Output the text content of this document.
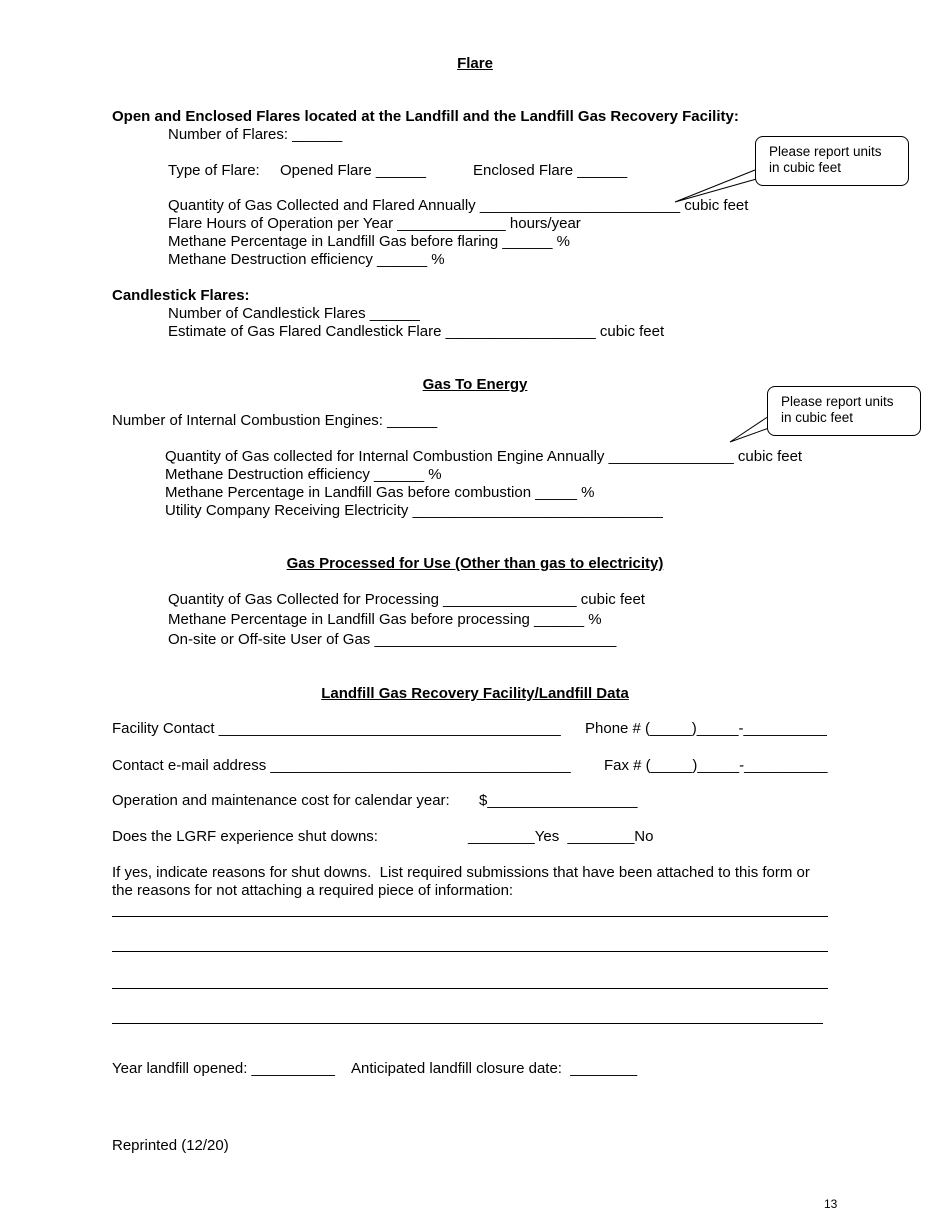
Flare
Open and Enclosed Flares located at the Landfill and the Landfill Gas Recovery Facility:
Number of Flares: ______
Type of Flare: Opened Flare ______	Enclosed Flare ______
Please report units
in cubic feet
Quantity of Gas Collected and Flared Annually ________________________ cubic feet
Flare Hours of Operation per Year _____________ hours/year
Methane Percentage in Landfill Gas before flaring ______ %
Methane Destruction efficiency ______ %
Candlestick Flares:
Number of Candlestick Flares ______
Estimate of Gas Flared Candlestick Flare __________________ cubic feet
Gas To Energy
Number of Internal Combustion Engines: ______
Please report units
in cubic feet
Quantity of Gas collected for Internal Combustion Engine Annually _______________ cubic feet
Methane Destruction efficiency ______ %
Methane Percentage in Landfill Gas before combustion _____ %
Utility Company Receiving Electricity ______________________________
Gas Processed for Use (Other than gas to electricity)
Quantity of Gas Collected for Processing ________________ cubic feet
Methane Percentage in Landfill Gas before processing ______ %
On-site or Off-site User of Gas _____________________________
Landfill Gas Recovery Facility/Landfill Data
Facility Contact _________________________________________ Phone # (_____)_____-__________
Contact e-mail address ____________________________________ Fax # (_____)_____-__________
Operation and maintenance cost for calendar year: $__________________
Does the LGRF experience shut downs:	________Yes  ________No
If yes, indicate reasons for shut downs.  List required submissions that have been attached to this form or
the reasons for not attaching a required piece of information:
Year landfill opened: __________ Anticipated landfill closure date:  ________
Reprinted (12/20)
13
